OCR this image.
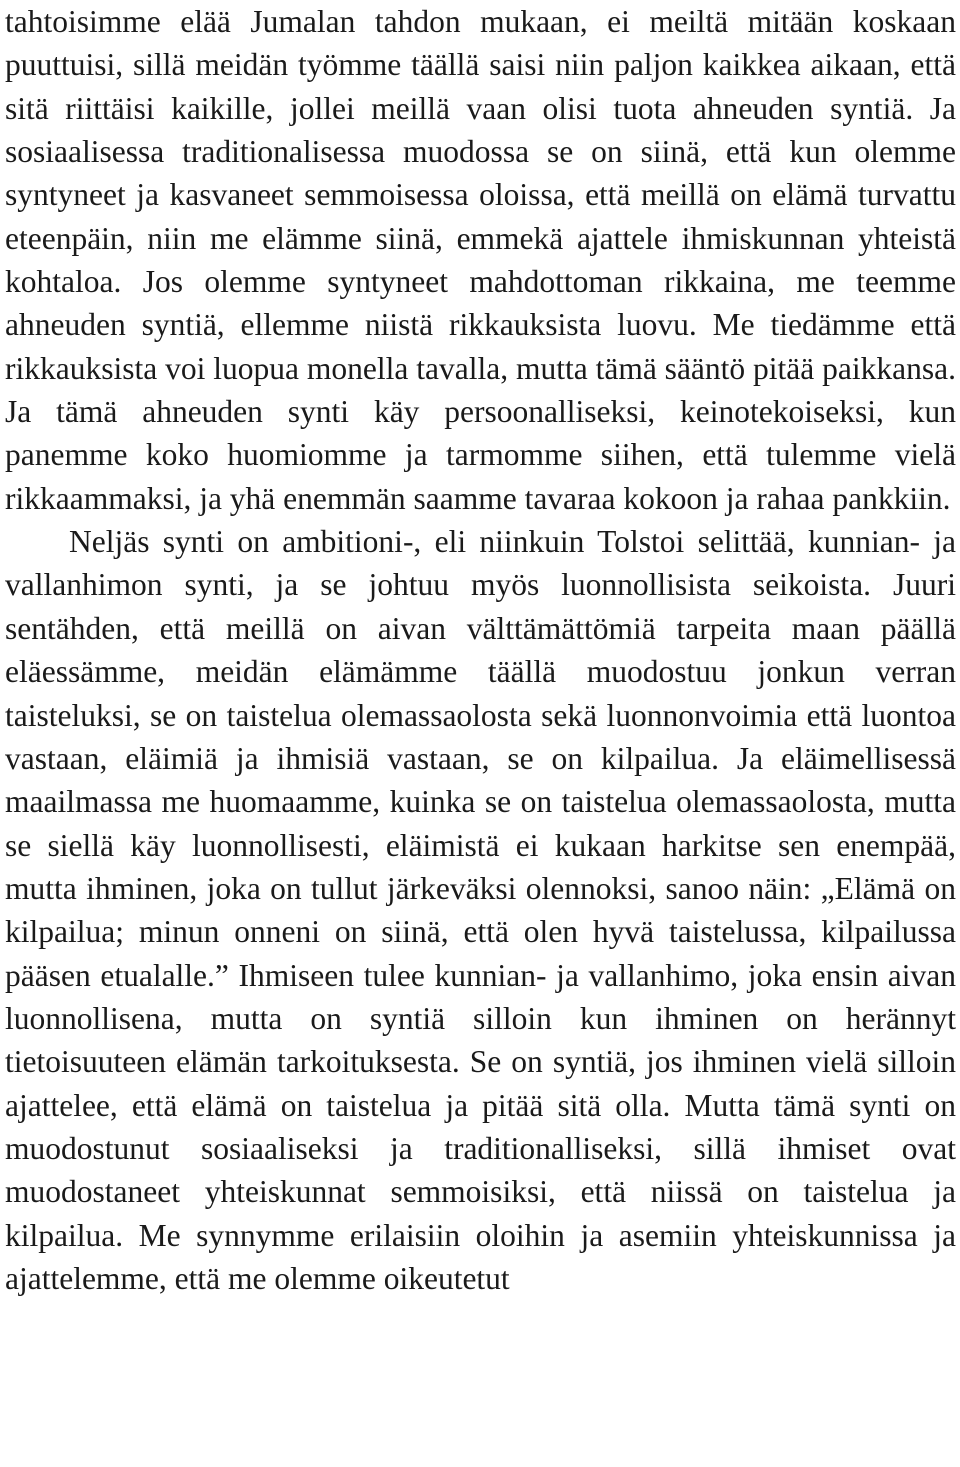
tahtoisimme elää Jumalan tahdon mukaan, ei meiltä mitään koskaan puuttuisi, sillä meidän työmme täällä saisi niin paljon kaikkea aikaan, että sitä riittäisi kaikille, jollei meillä vaan olisi tuota ahneuden syntiä. Ja sosiaalisessa traditionalisessa muodossa se on siinä, että kun olemme syntyneet ja kasvaneet semmoisessa oloissa, että meillä on elämä turvattu eteenpäin, niin me elämme siinä, emmekä ajattele ihmiskunnan yhteistä kohtaloa. Jos olemme syntyneet mahdottoman rikkaina, me teemme ahneuden syntiä, ellemme niistä rikkauksista luovu. Me tiedämme että rikkauksista voi luopua monella tavalla, mutta tämä sääntö pitää paikkansa. Ja tämä ahneuden synti käy persoonalliseksi, keinotekoiseksi, kun panemme koko huomiomme ja tarmomme siihen, että tulemme vielä rikkaammaksi, ja yhä enemmän saamme tavaraa kokoon ja rahaa pankkiin.

Neljäs synti on ambitioni-, eli niinkuin Tolstoi selittää, kunnian- ja vallanhimon synti, ja se johtuu myös luonnollisista seikoista. Juuri sentähden, että meillä on aivan välttämättömiä tarpeita maan päällä eläessämme, meidän elämämme täällä muodostuu jonkun verran taisteluksi, se on taistelua olemassaolosta sekä luonnonvoimia että luontoa vastaan, eläimiä ja ihmisiä vastaan, se on kilpailua. Ja eläimellisessä maailmassa me huomaamme, kuinka se on taistelua olemassaolosta, mutta se siellä käy luonnollisesti, eläimistä ei kukaan harkitse sen enempää, mutta ihminen, joka on tullut järkeväksi olennoksi, sanoo näin: „Elämä on kilpailua; minun onneni on siinä, että olen hyvä taistelussa, kilpailussa pääsen etualalle.” Ihmiseen tulee kunnian- ja vallanhimo, joka ensin aivan luonnollisena, mutta on syntiä silloin kun ihminen on herännyt tietoisuuteen elämän tarkoituksesta. Se on syntiä, jos ihminen vielä silloin ajattelee, että elämä on taistelua ja pitää sitä olla. Mutta tämä synti on muodostunut sosiaaliseksi ja traditionalliseksi, sillä ihmiset ovat muodostaneet yhteiskunnat semmoisiksi, että niissä on taistelua ja kilpailua. Me synnymme erilaisiin oloihin ja asemiin yhteiskunnissa ja ajattelemme, että me olemme oikeutetut
